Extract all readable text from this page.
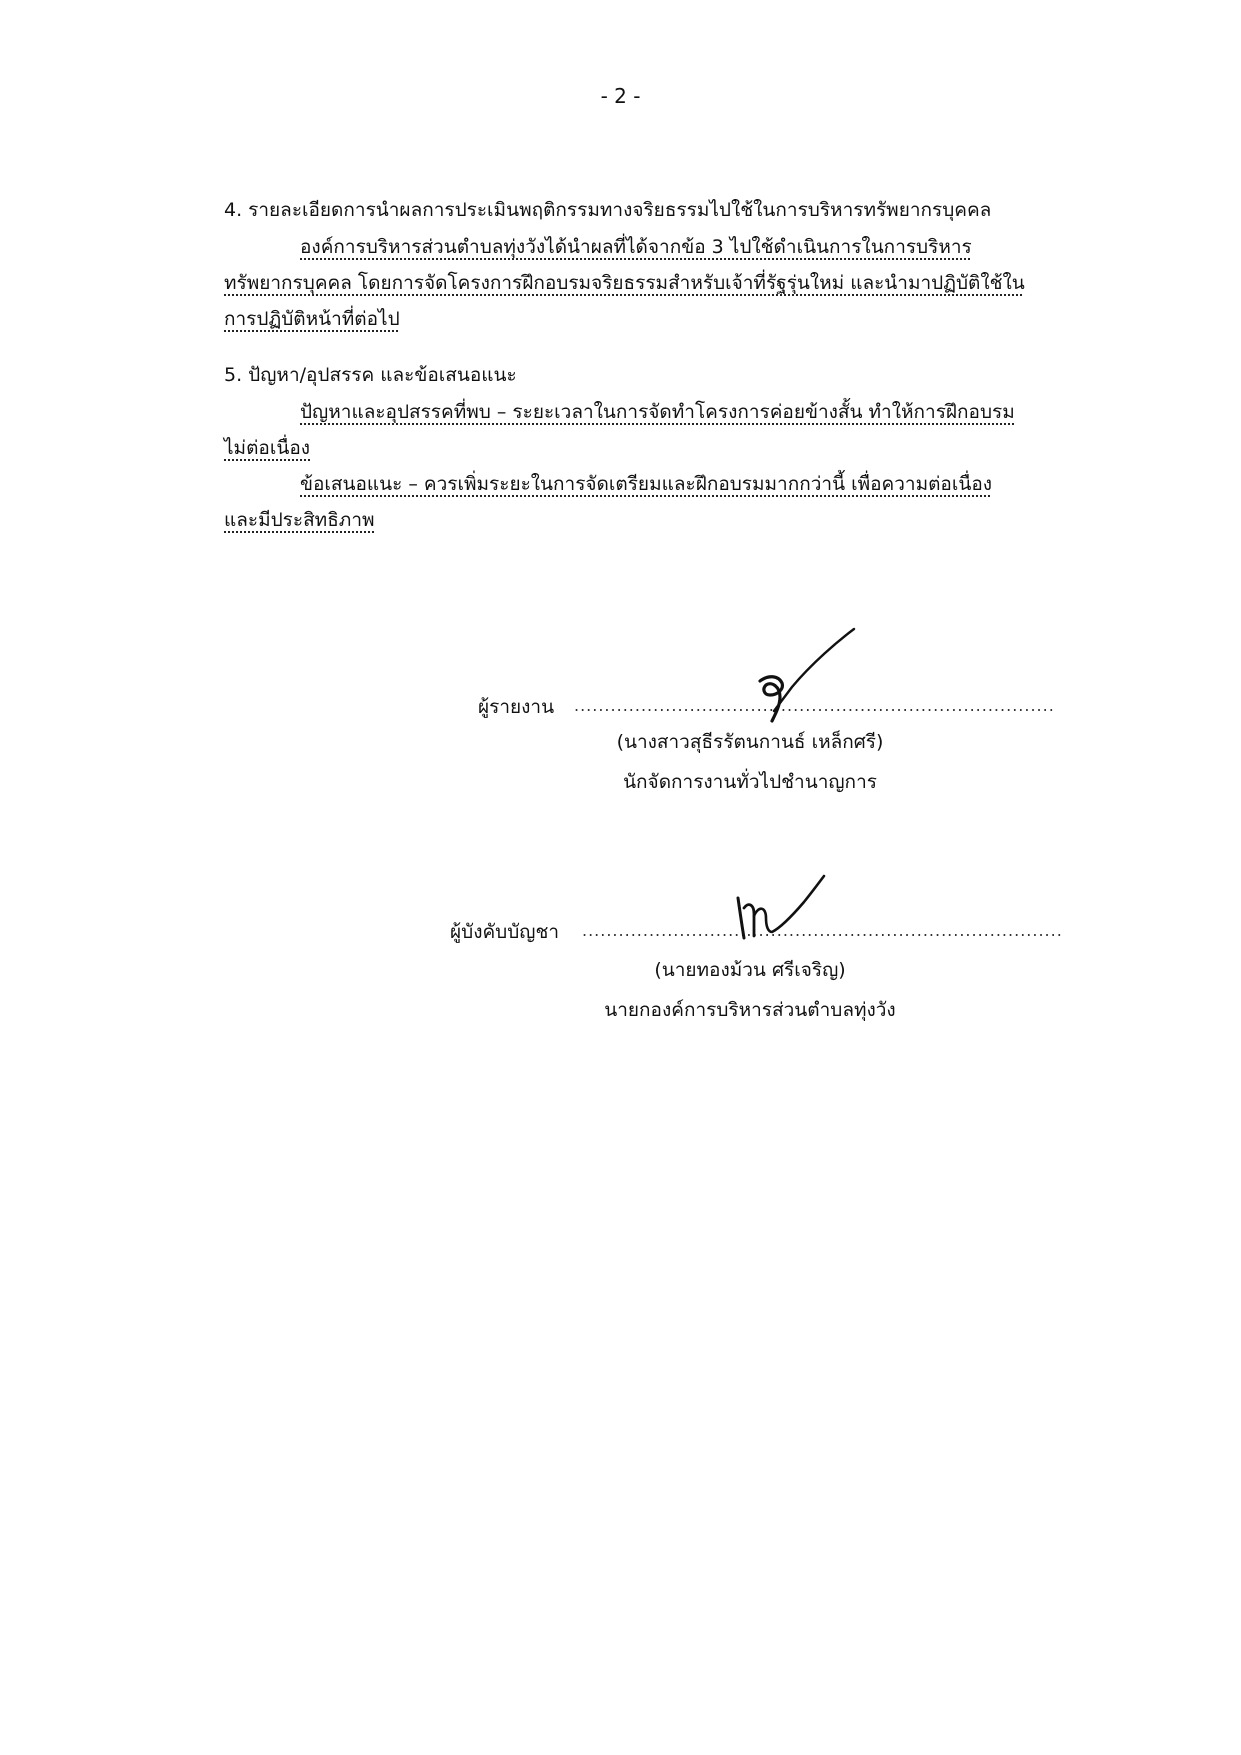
- 2 -
4. รายละเอียดการนำผลการประเมินพฤติกรรมทางจริยธรรมไปใช้ในการบริหารทรัพยากรบุคคล
องค์การบริหารส่วนตำบลทุ่งวังได้นำผลที่ได้จากข้อ 3 ไปใช้ดำเนินการในการบริหาร
ทรัพยากรบุคคล โดยการจัดโครงการฝึกอบรมจริยธรรมสำหรับเจ้าที่รัฐรุ่นใหม่ และนำมาปฏิบัติใช้ใน
การปฏิบัติหน้าที่ต่อไป
5. ปัญหา/อุปสรรค และข้อเสนอแนะ
ปัญหาและอุปสรรคที่พบ – ระยะเวลาในการจัดทำโครงการค่อยข้างสั้น ทำให้การฝึกอบรม
ไม่ต่อเนื่อง
ข้อเสนอแนะ – ควรเพิ่มระยะในการจัดเตรียมและฝึกอบรมมากกว่านี้ เพื่อความต่อเนื่อง
และมีประสิทธิภาพ
ผู้รายงาน ...............................................................................
(นางสาวสุธีรรัตนกานธ์ เหล็กศรี)
นักจัดการงานทั่วไปชำนาญการ
ผู้บังคับบัญชา ...............................................................................
(นายทองม้วน ศรีเจริญ)
นายกองค์การบริหารส่วนตำบลทุ่งวัง
